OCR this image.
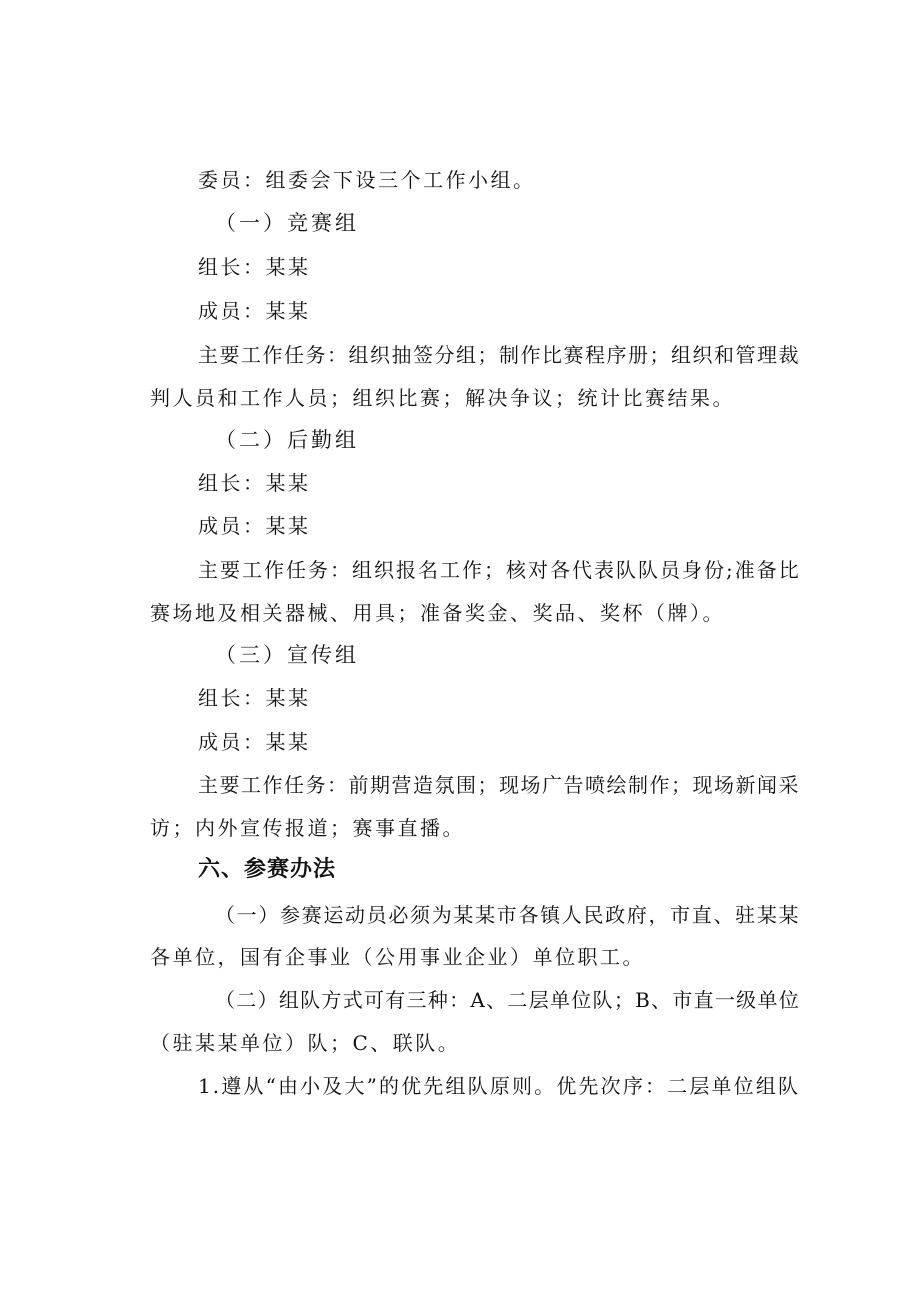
委员：组委会下设三个工作小组。
（一）竞赛组
组长：某某
成员：某某
主要工作任务：组织抽签分组；制作比赛程序册；组织和管理裁
判人员和工作人员；组织比赛；解决争议；统计比赛结果。
（二）后勤组
组长：某某
成员：某某
主要工作任务：组织报名工作；核对各代表队队员身份;准备比
赛场地及相关器械、用具；准备奖金、奖品、奖杯（牌）。
（三）宣传组
组长：某某
成员：某某
主要工作任务：前期营造氛围；现场广告喷绘制作；现场新闻采
访；内外宣传报道；赛事直播。
六、参赛办法
（一）参赛运动员必须为某某市各镇人民政府，市直、驻某某
各单位，国有企事业（公用事业企业）单位职工。
（二）组队方式可有三种：A、二层单位队；B、市直一级单位
（驻某某单位）队；C、联队。
1.遵从“由小及大”的优先组队原则。优先次序：二层单位组队
